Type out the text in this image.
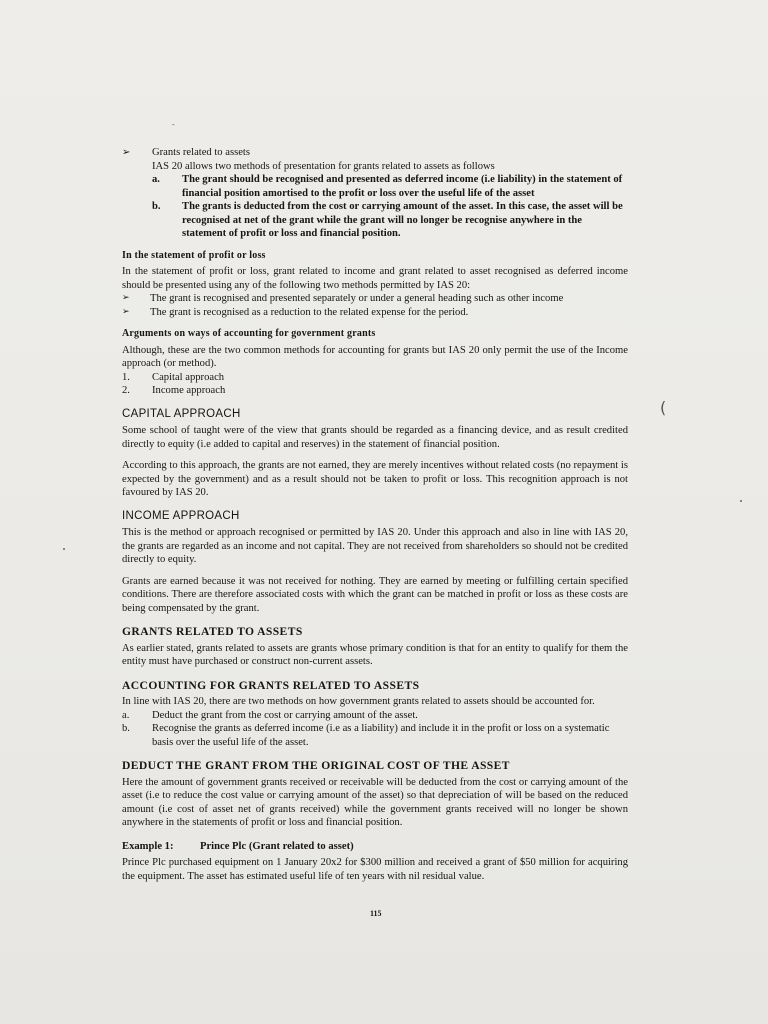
-
(
➢	Grants related to assets
IAS 20 allows two methods of presentation for grants related to assets as follows
a.	The grant should be recognised and presented as deferred income (i.e liability) in the statement of financial position amortised to the profit or loss over the useful life of the asset
b.	The grants is deducted from the cost or carrying amount of the asset. In this case, the asset will be recognised at net of the grant while the grant will no longer be recognise anywhere in the statement of profit or loss and financial position.
In the statement of profit or loss
In the statement of profit or loss, grant related to income and grant related to asset recognised as deferred income should be presented using any of the following two methods permitted by IAS 20:
➢	The grant is recognised and presented separately or under a general heading such as other income
➢	The grant is recognised as a reduction to the related expense for the period.
Arguments on ways of accounting for government grants
Although, these are the two common methods for accounting for grants but IAS 20 only permit the use of the Income approach (or method).
1.	Capital approach
2.	Income approach
CAPITAL APPROACH
Some school of taught were of the view that grants should be regarded as a financing device, and as result credited directly to equity (i.e added to capital and reserves) in the statement of financial position.
According to this approach, the grants are not earned, they are merely incentives without related costs (no repayment is expected by the government) and as a result should not be taken to profit or loss. This recognition approach is not favoured by IAS 20.
INCOME APPROACH
This is the method or approach recognised or permitted by IAS 20. Under this approach and also in line with IAS 20, the grants are regarded as an income and not capital. They are not received from shareholders so should not be credited directly to equity.
Grants are earned because it was not received for nothing. They are earned by meeting or fulfilling certain specified conditions. There are therefore associated costs with which the grant can be matched in profit or loss as these costs are being compensated by the grant.
GRANTS RELATED TO ASSETS
As earlier stated, grants related to assets are grants whose primary condition is that for an entity to qualify for them the entity must have purchased or construct non-current assets.
ACCOUNTING FOR GRANTS RELATED TO ASSETS
In line with IAS 20, there are two methods on how government grants related to assets should be accounted for.
a.	Deduct the grant from the cost or carrying amount of the asset.
b.	Recognise the grants as deferred income (i.e as a liability) and include it in the profit or loss on a systematic basis over the useful life of the asset.
DEDUCT THE GRANT FROM THE ORIGINAL COST OF THE ASSET
Here the amount of government grants received or receivable will be deducted from the cost or carrying amount of the asset (i.e to reduce the cost value or carrying amount of the asset) so that depreciation of will be based on the reduced amount (i.e cost of asset net of grants received) while the government grants received will no longer be shown anywhere in the statements of profit or loss and financial position.
Example 1:	Prince Plc (Grant related to asset)
Prince Plc purchased equipment on 1 January 20x2 for $300 million and received a grant of $50 million for acquiring the equipment. The asset has estimated useful life of ten years with nil residual value.
115
